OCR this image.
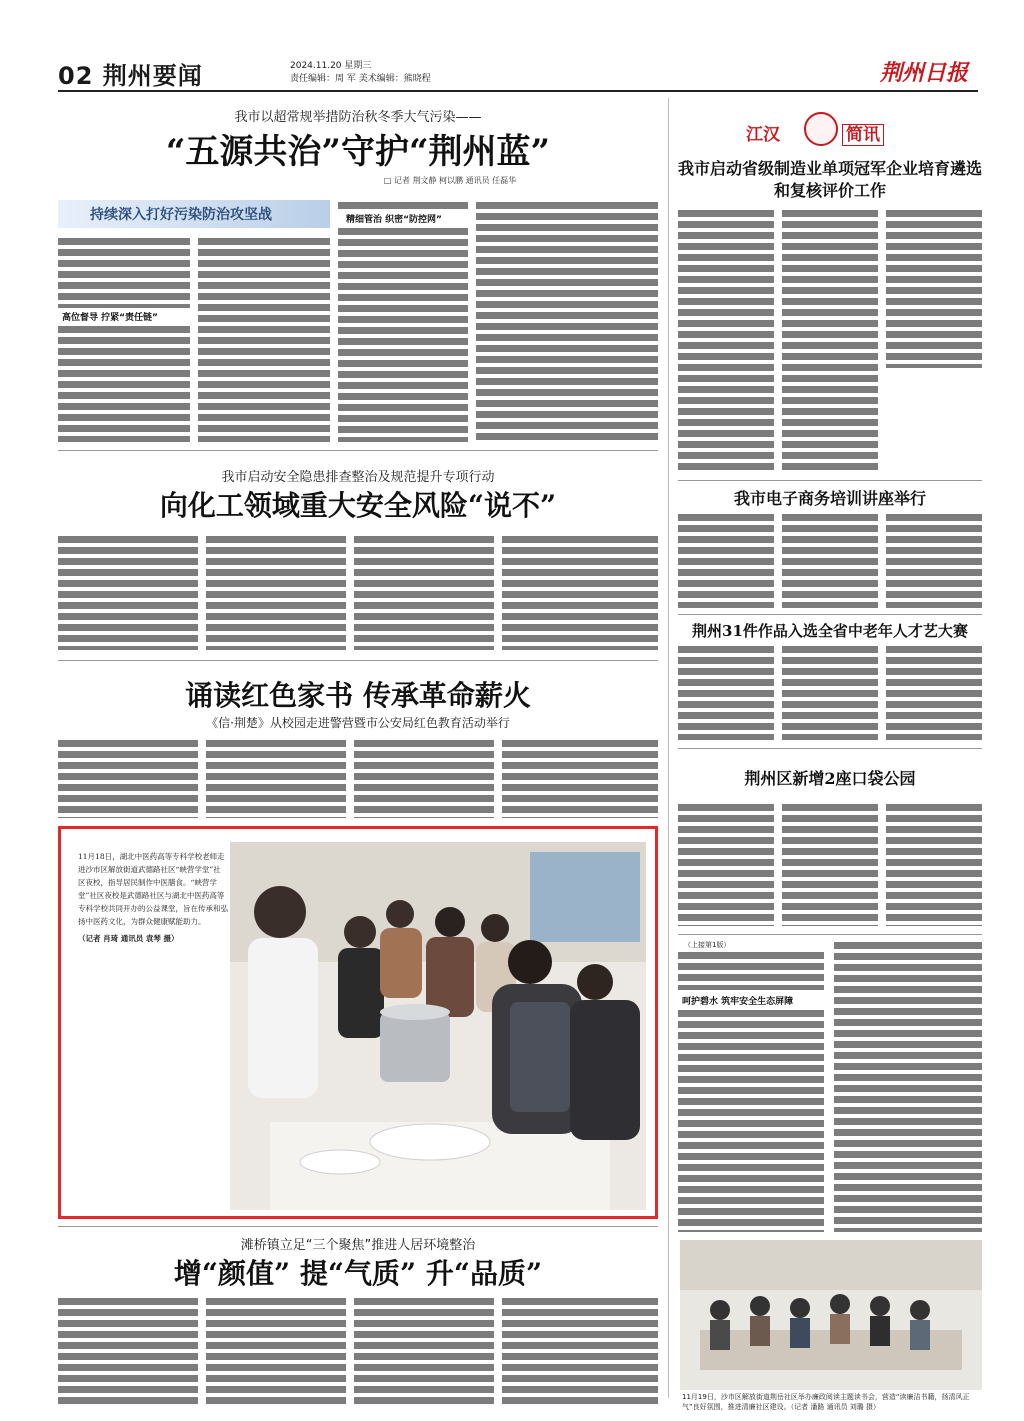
02 荆州要闻	2024.11.20 星期三
责任编辑：周 军 美术编辑：熊晓程	荆州日报
我市以超常规举措防治秋冬季大气污染——
“五源共治”守护“荆州蓝”
□ 记者 荆文静 柯以鹏 通讯员 任磊华
持续深入打好污染防治攻坚战
高位督导 拧紧“责任链”
精细管治 织密“防控网”
我市启动安全隐患排查整治及规范提升专项行动
向化工领域重大安全风险“说不”
诵读红色家书 传承革命薪火
《信·荆楚》从校园走进警营暨市公安局红色教育活动举行
11月18日，湖北中医药高等专科学校老师走进沙市区解放街道武德路社区“峡营学堂”社区夜校，指导居民制作中医膳食。“峡营学堂”社区夜校是武德路社区与湖北中医药高等专科学校共同开办的公益课堂，旨在传承和弘扬中医药文化，为群众健康赋能助力。
（记者 肖琦 通讯员 袁琴 摄）
江汉	简讯
我市启动省级制造业单项冠军企业培育遴选和复核评价工作
我市电子商务培训讲座举行
荆州31件作品入选全省中老年人才艺大赛
荆州区新增2座口袋公园
（上接第1版）
呵护碧水 筑牢安全生态屏障
11月19日，沙市区解放街道荆岳社区举办廉政阅读主题读书会，营造“读廉洁书籍，扬清风正气”良好氛围，推进清廉社区建设。（记者 潘路 通讯员 刘璐 摄）
滩桥镇立足“三个聚焦”推进人居环境整治
增“颜值” 提“气质” 升“品质”
